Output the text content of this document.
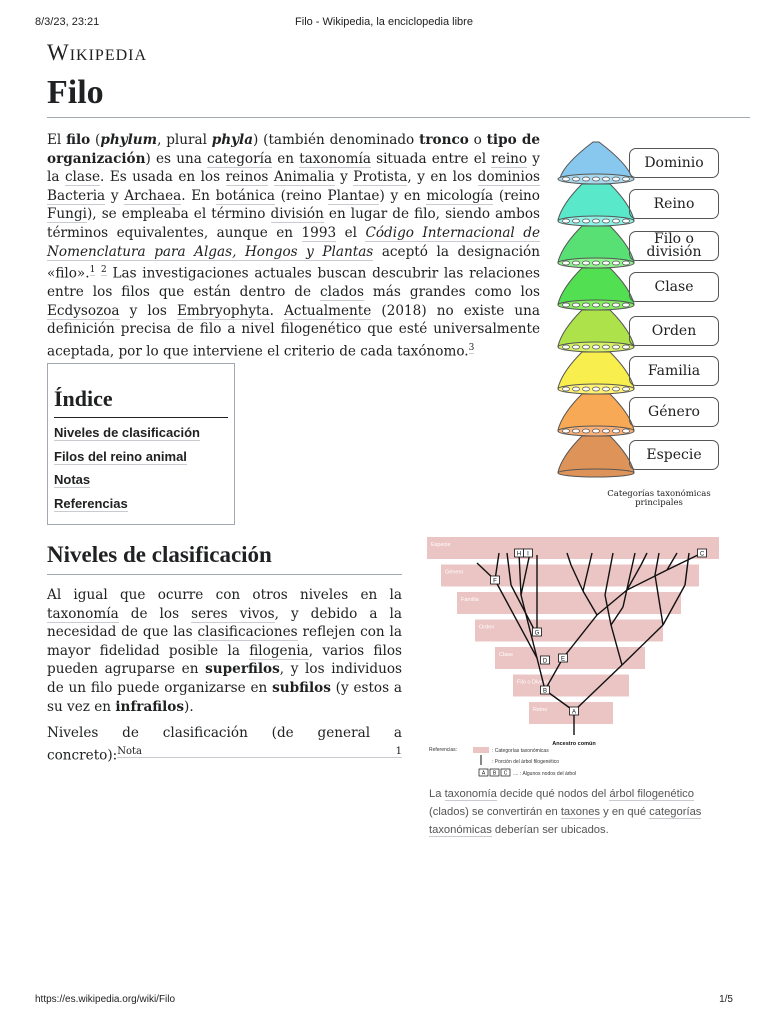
8/3/23, 23:21	Filo - Wikipedia, la enciclopedia libre
https://es.wikipedia.org/wiki/Filo	1/5
Wikipedia
Filo
El filo (phylum, plural phyla) (también denominado tronco o tipo de organización) es una categoría en taxonomía situada entre el reino y la clase. Es usada en los reinos Animalia y Protista, y en los dominios Bacteria y Archaea. En botánica (reino Plantae) y en micología (reino Fungi), se empleaba el término división en lugar de filo, siendo ambos términos equivalentes, aunque en 1993 el Código Internacional de Nomenclatura para Algas, Hongos y Plantas aceptó la designación «filo».$^1$ $^2$ Las investigaciones actuales buscan descubrir las relaciones entre los filos que están dentro de clados más grandes como los Ecdysozoa y los Embryophyta. Actualmente (2018) no existe una definición precisa de filo a nivel filogenético que esté universalmente aceptada, por lo que interviene el criterio de cada taxónomo.$^3$
Índice
Niveles de clasificación
Filos del reino animal
Notas
Referencias
Dominio
Reino
Filo o división
Clase
Orden
Familia
Género
Especie
Categorías taxonómicas principales
Niveles de clasificación
Al igual que ocurre con otros niveles en la taxonomía de los seres vivos, y debido a la necesidad de que las clasificaciones reflejen con la mayor fidelidad posible la filogenia, varios filos pueden agruparse en superfilos, y los individuos de un filo puede organizarse en subfilos (y estos a su vez en infrafilos).
Niveles de clasificación (de general a concreto):$^{Nota 1}$
Especie
Género
Familia
Orden
Clase
Filo o División
Reino
H I	C
F
G
D E
B
A
Ancestro común
Referencias:	: Categorías taxonómicas
: Porción del árbol filogenético
A B C .... : Algunos nodos del árbol
La taxonomía decide qué nodos del árbol filogenético (clados) se convertirán en taxones y en qué categorías taxonómicas deberían ser ubicados.
